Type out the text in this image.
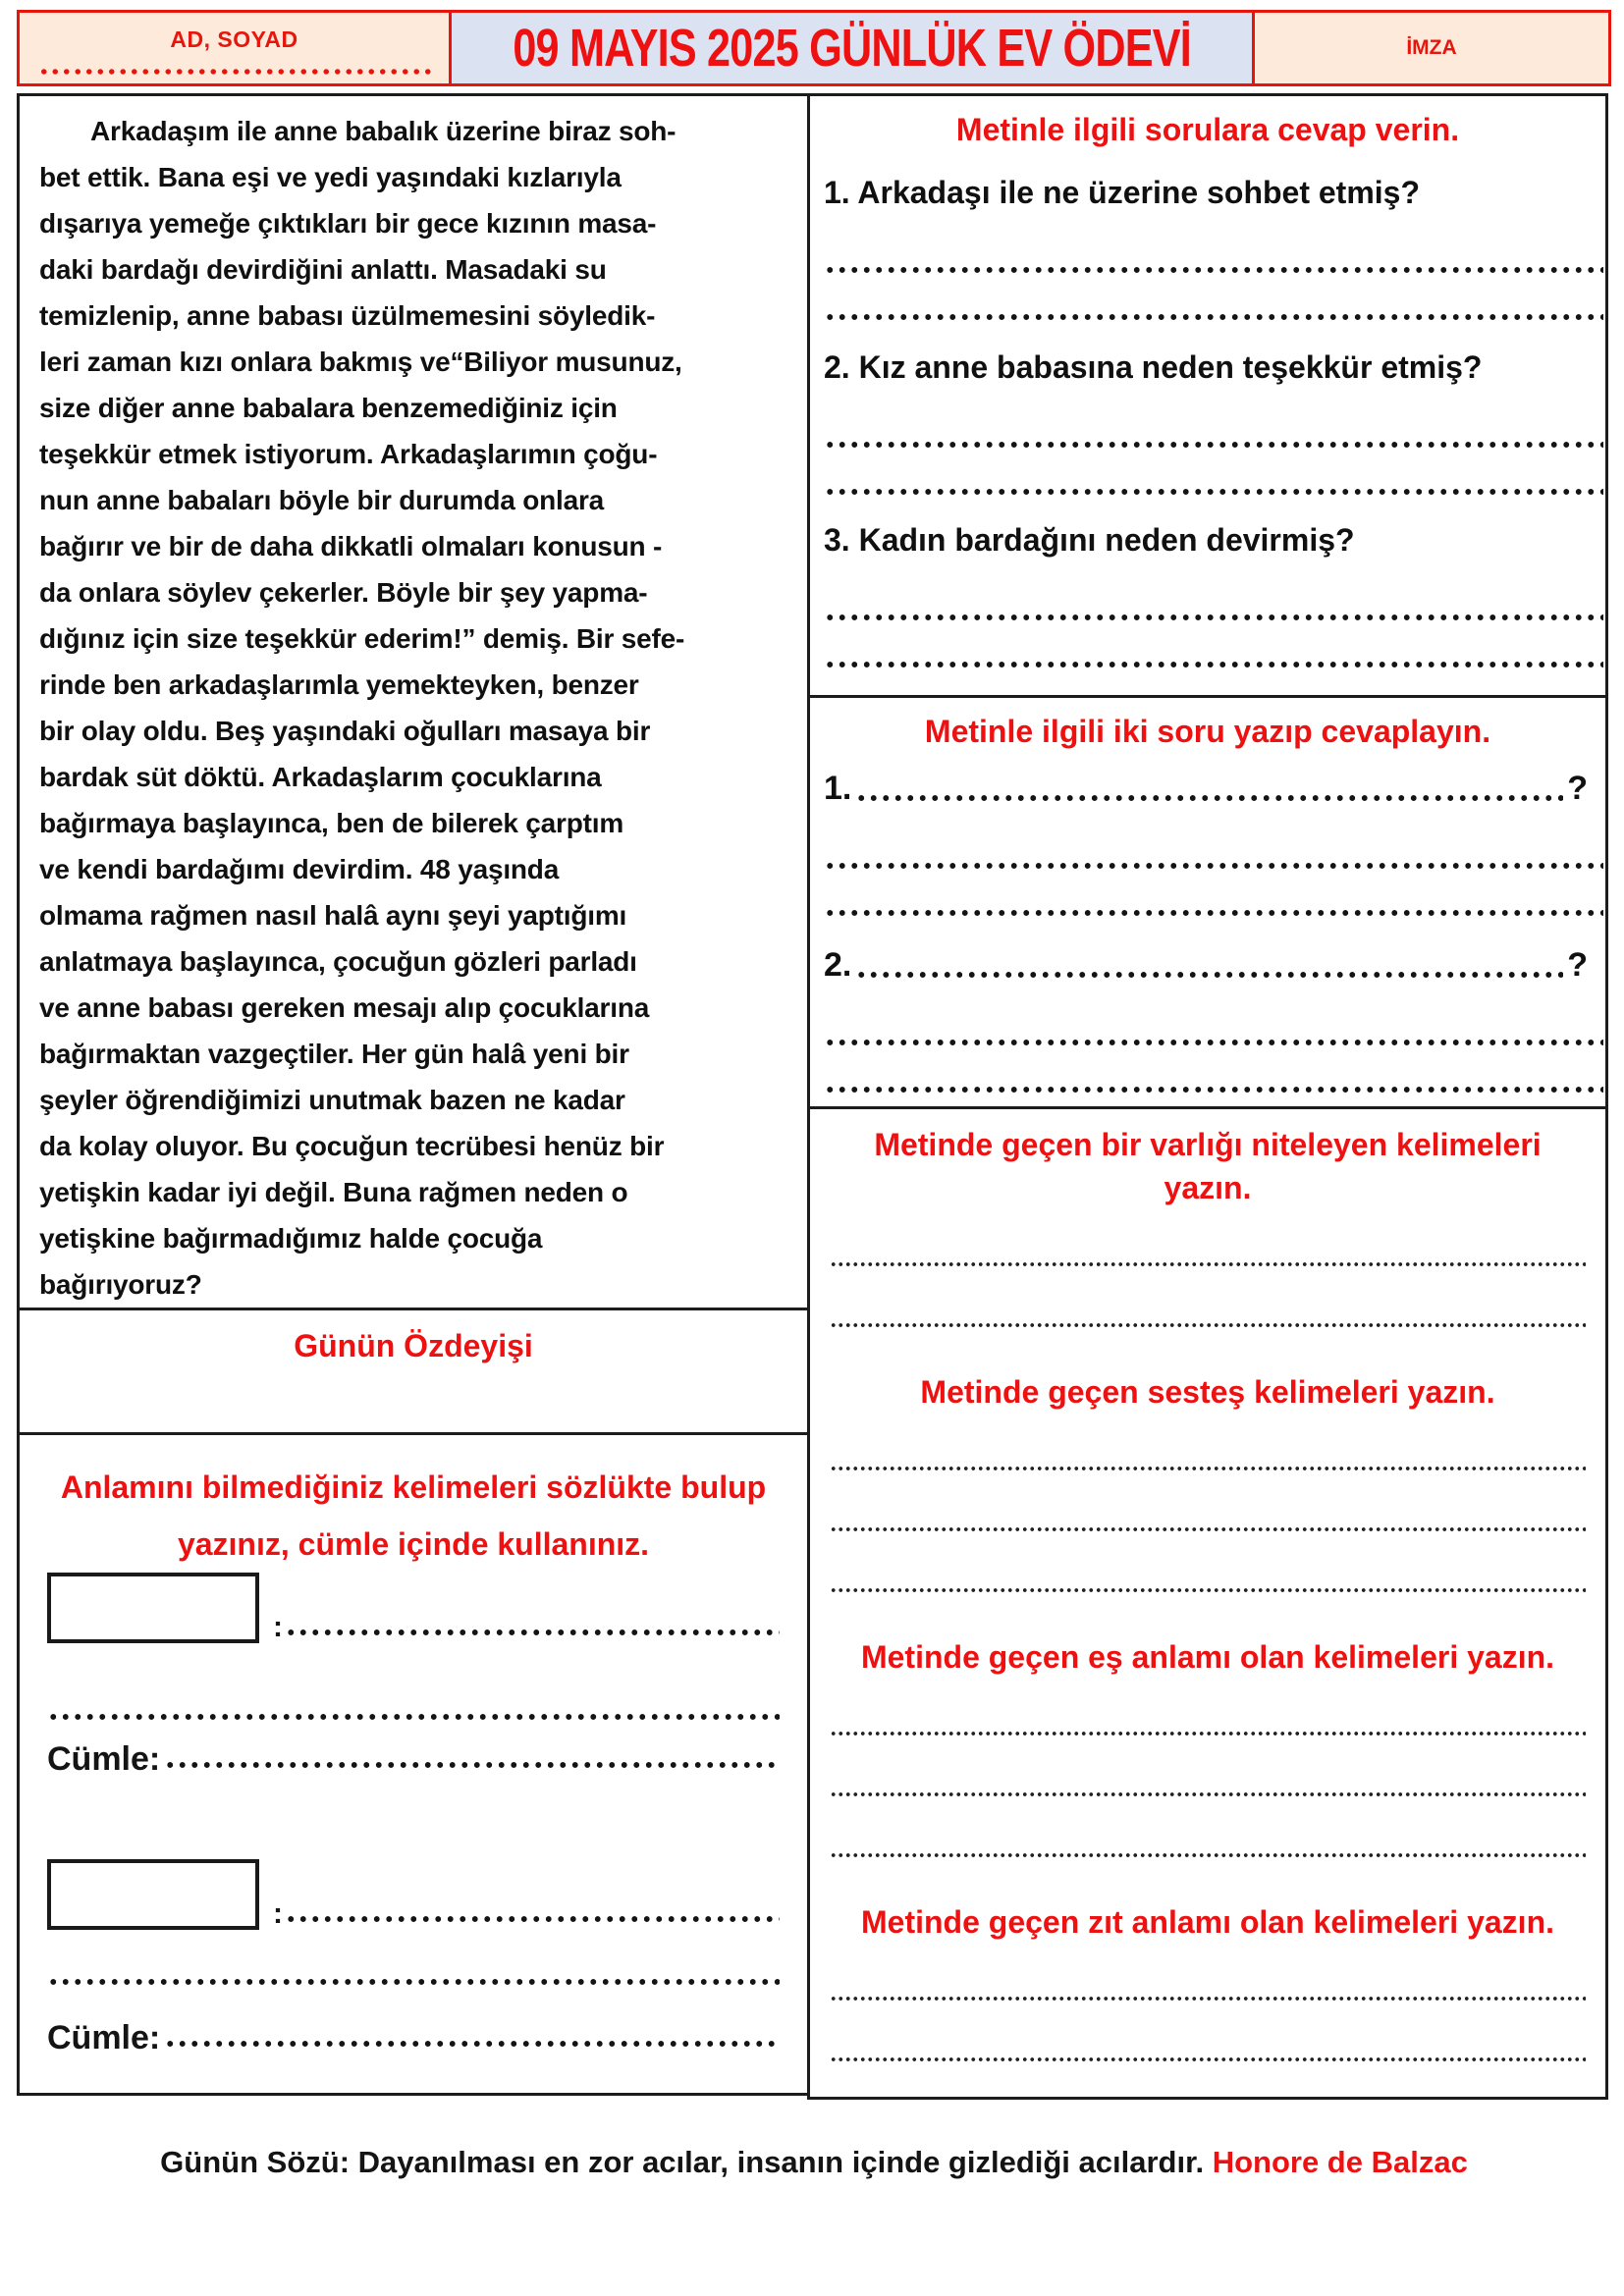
AD, SOYAD	09 MAYIS 2025 GÜNLÜK EV ÖDEVİ	İMZA
Arkadaşım ile anne babalık üzerine biraz soh-
bet ettik. Bana eşi ve yedi yaşındaki kızlarıyla
dışarıya yemeğe çıktıkları bir gece kızının masa-
daki bardağı devirdiğini anlattı. Masadaki su
temizlenip, anne babası üzülmemesini söyledik-
leri zaman kızı onlara bakmış ve“Biliyor musunuz,
size diğer anne babalara benzemediğiniz için
teşekkür etmek istiyorum. Arkadaşlarımın çoğu-
nun anne babaları böyle bir durumda onlara
bağırır ve bir de daha dikkatli olmaları konusun -
da onlara söylev çekerler. Böyle bir şey yapma-
dığınız için size teşekkür ederim!” demiş. Bir sefe-
rinde ben arkadaşlarımla yemekteyken, benzer
bir olay oldu. Beş yaşındaki oğulları masaya bir
bardak süt döktü. Arkadaşlarım çocuklarına
bağırmaya başlayınca, ben de bilerek çarptım
ve kendi bardağımı devirdim. 48 yaşında
olmama rağmen nasıl halâ aynı şeyi yaptığımı
anlatmaya başlayınca, çocuğun gözleri parladı
ve anne babası gereken mesajı alıp çocuklarına
bağırmaktan vazgeçtiler. Her gün halâ yeni bir
şeyler öğrendiğimizi unutmak bazen ne kadar
da kolay oluyor. Bu çocuğun tecrübesi henüz bir
yetişkin kadar iyi değil. Buna rağmen neden o
yetişkine bağırmadığımız halde çocuğa
bağırıyoruz?
Günün Özdeyişi
Anlamını bilmediğiniz kelimeleri sözlükte bulup
yazınız, cümle içinde kullanınız.
:
Cümle:
:
Cümle:
Metinle ilgili sorulara cevap verin.
1. Arkadaşı ile ne üzerine sohbet etmiş?
2. Kız anne babasına neden teşekkür etmiş?
3. Kadın bardağını neden devirmiş?
Metinle ilgili iki soru yazıp cevaplayın.
1.	?
2.	?
Metinde geçen bir varlığı niteleyen kelimeleri yazın.
Metinde geçen sesteş kelimeleri yazın.
Metinde geçen eş anlamı olan kelimeleri yazın.
Metinde geçen zıt anlamı olan kelimeleri yazın.
Günün Sözü: Dayanılması en zor acılar, insanın içinde gizlediği acılardır. Honore de Balzac
